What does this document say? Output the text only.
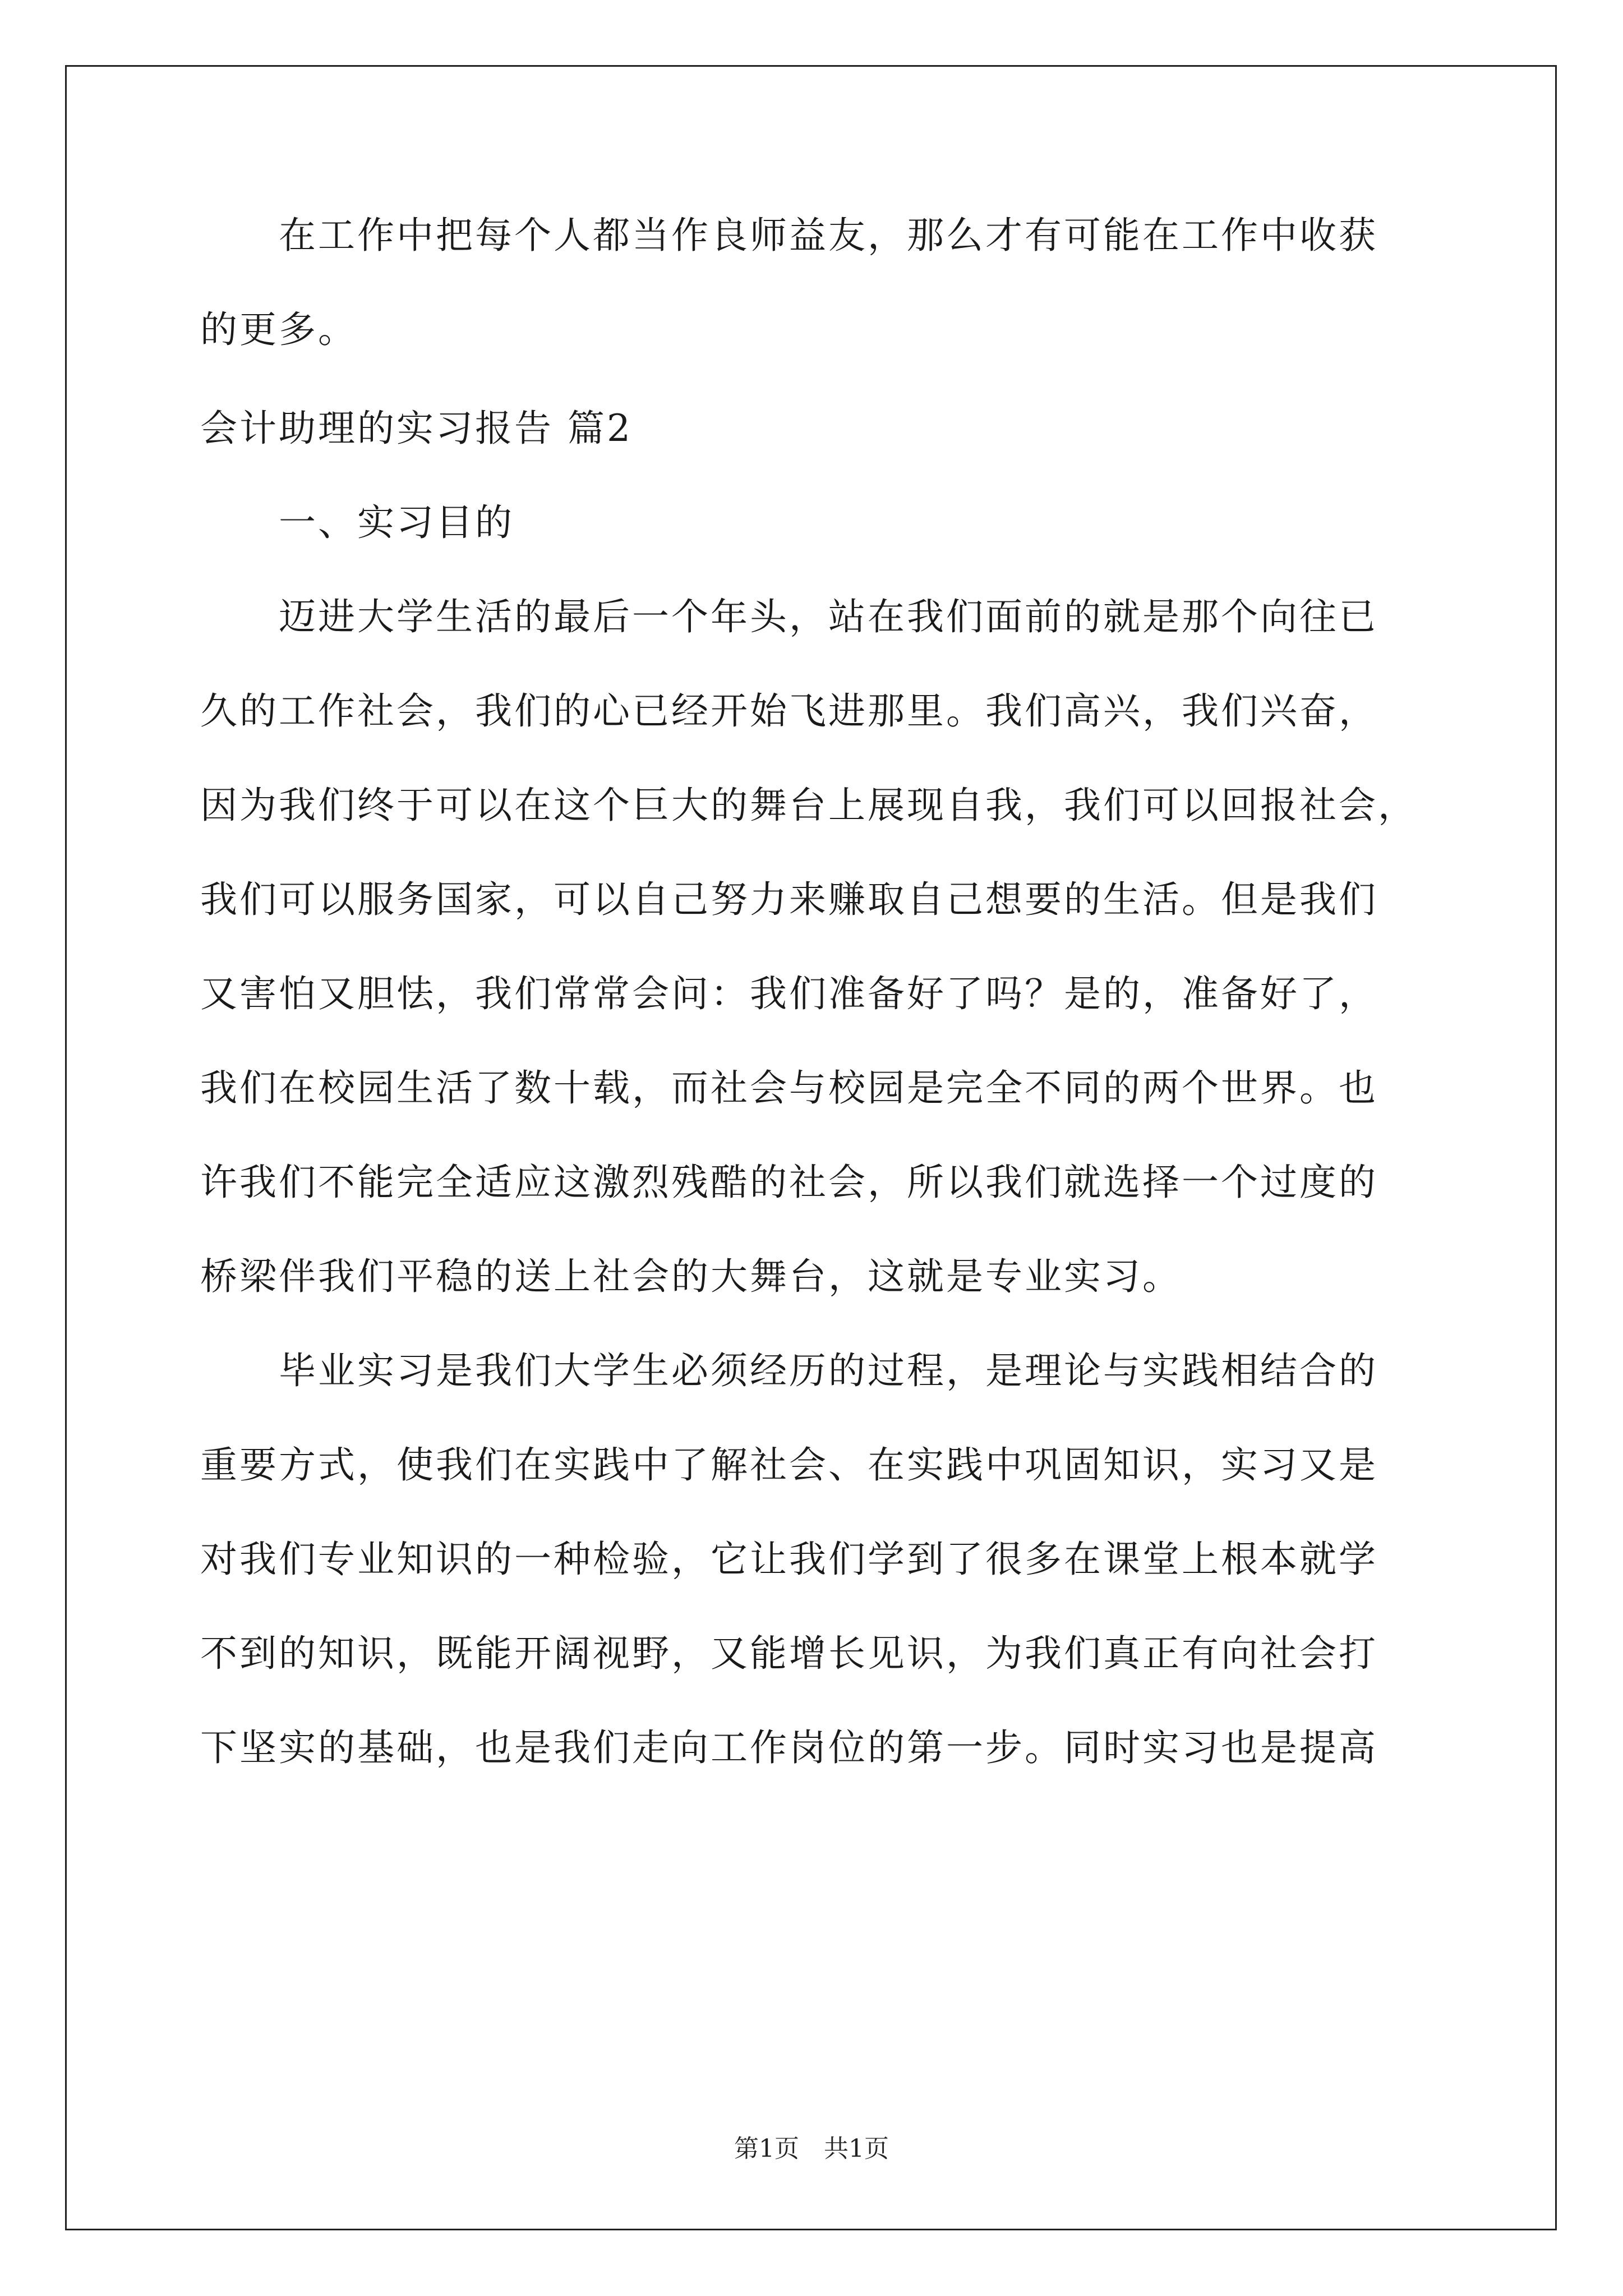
在工作中把每个人都当作良师益友，那么才有可能在工作中收获
的更多。
会计助理的实习报告 篇2
一、实习目的
迈进大学生活的最后一个年头，站在我们面前的就是那个向往已
久的工作社会，我们的心已经开始飞进那里。我们高兴，我们兴奋，
因为我们终于可以在这个巨大的舞台上展现自我，我们可以回报社会，
我们可以服务国家，可以自己努力来赚取自己想要的生活。但是我们
又害怕又胆怯，我们常常会问：我们准备好了吗？是的，准备好了，
我们在校园生活了数十载，而社会与校园是完全不同的两个世界。也
许我们不能完全适应这激烈残酷的社会，所以我们就选择一个过度的
桥梁伴我们平稳的送上社会的大舞台，这就是专业实习。
毕业实习是我们大学生必须经历的过程，是理论与实践相结合的
重要方式，使我们在实践中了解社会、在实践中巩固知识，实习又是
对我们专业知识的一种检验，它让我们学到了很多在课堂上根本就学
不到的知识，既能开阔视野，又能增长见识，为我们真正有向社会打
下坚实的基础，也是我们走向工作岗位的第一步。同时实习也是提高
第1页　共1页
